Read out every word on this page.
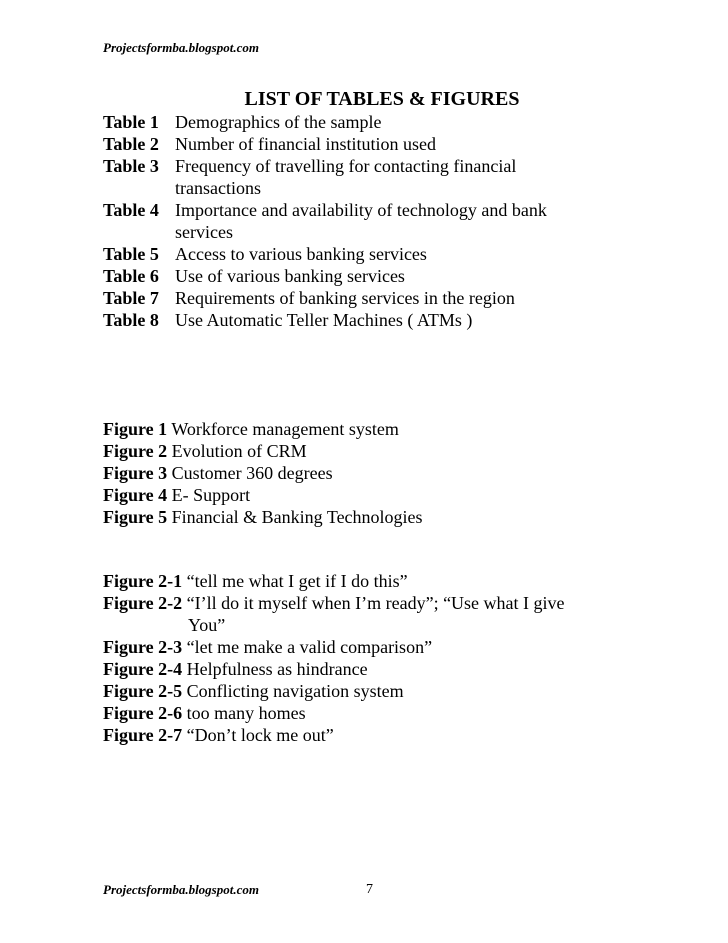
Projectsformba.blogspot.com
LIST OF TABLES & FIGURES
Table 1 Demographics of the sample
Table 2 Number of financial institution used
Table 3 Frequency of travelling for contacting financial transactions
Table 4 Importance and availability of technology and bank services
Table 5 Access to various banking services
Table 6 Use of various banking services
Table 7 Requirements of banking services in the region
Table 8 Use Automatic Teller Machines ( ATMs )
Figure 1 Workforce management system
Figure 2 Evolution of CRM
Figure 3 Customer 360 degrees
Figure 4 E- Support
Figure 5 Financial & Banking Technologies
Figure 2-1 “tell me what I get if I do this”
Figure 2-2 “I’ll do it myself when I’m ready”; “Use what I give
You”
Figure 2-3 “let me make a valid comparison”
Figure 2-4 Helpfulness as hindrance
Figure 2-5 Conflicting navigation system
Figure 2-6 too many homes
Figure 2-7 “Don’t lock me out”
Projectsformba.blogspot.com	7
